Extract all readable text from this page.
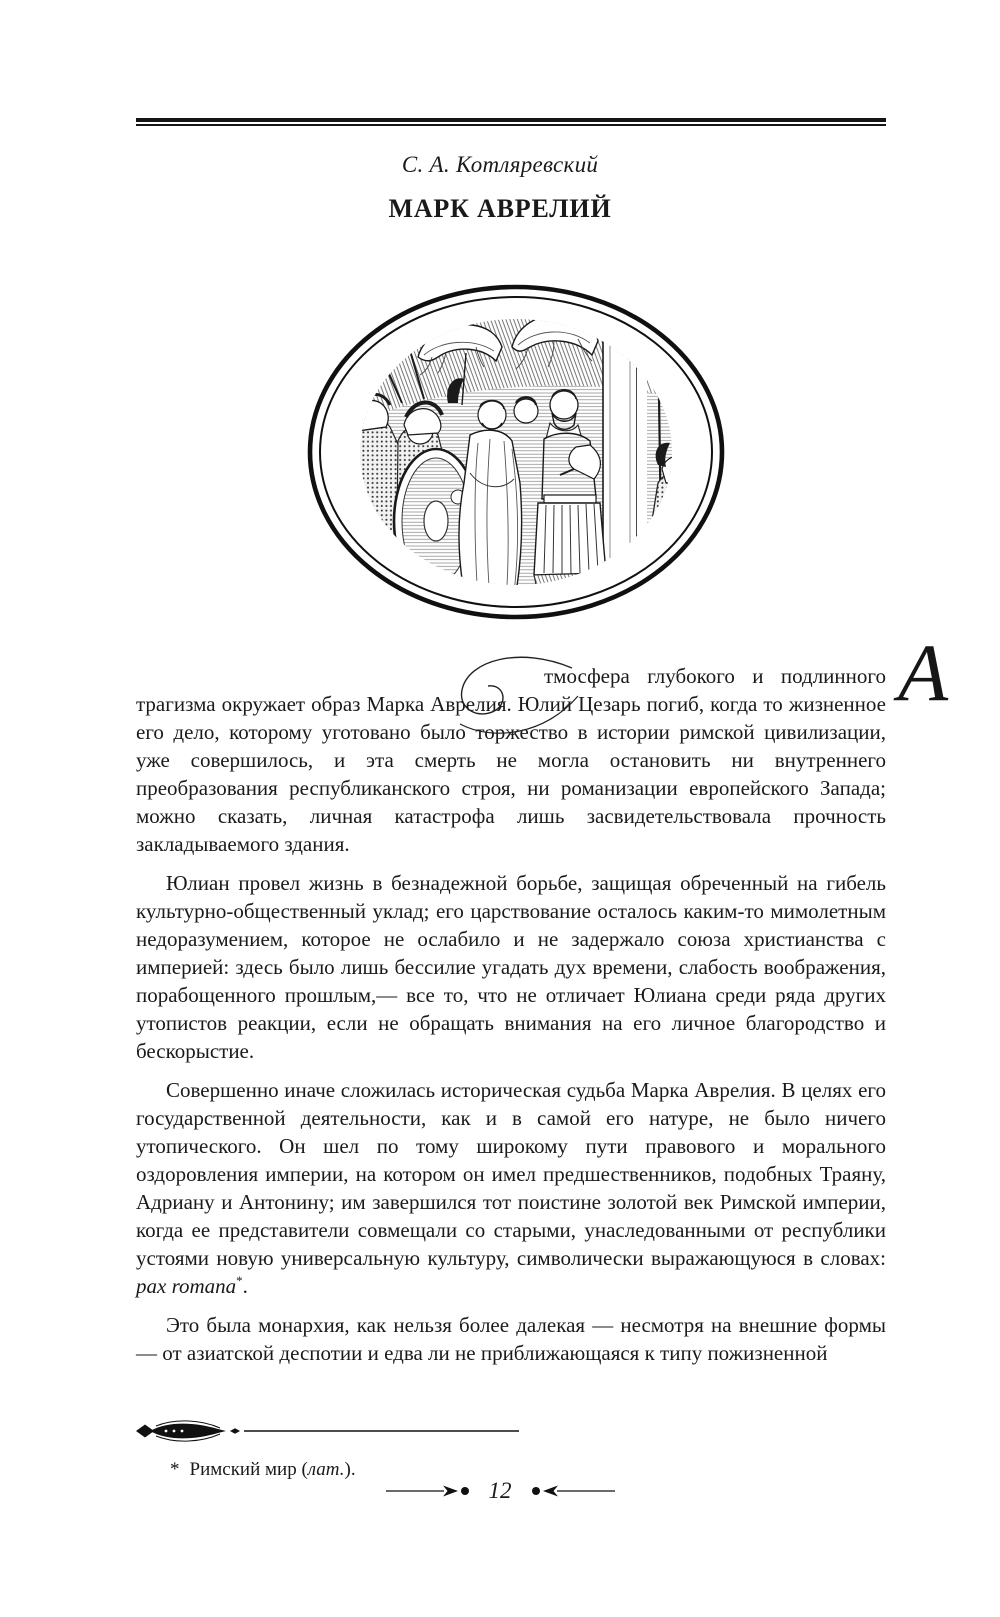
С. А. Котляревский
МАРК АВРЕЛИЙ

А
тмосфера глубокого и подлинного трагизма окружает образ Марка Аврелия. Юлий Цезарь погиб, когда то жизненное его дело, которому уготовано было торжество в истории римской цивилизации, уже совершилось, и эта смерть не могла остановить ни внутреннего преобразования республиканского строя, ни романизации европейского Запада; можно сказать, личная катастрофа лишь засвидетельствовала прочность закладываемого здания.

Юлиан провел жизнь в безнадежной борьбе, защищая обреченный на гибель культурно-общественный уклад; его царствование осталось каким-то мимолетным недоразумением, которое не ослабило и не задержало союза христианства с империей: здесь было лишь бессилие угадать дух времени, слабость воображения, порабощенного прошлым,— все то, что не отличает Юлиана среди ряда других утопистов реакции, если не обращать внимания на его личное благородство и бескорыстие.

Совершенно иначе сложилась историческая судьба Марка Аврелия. В целях его государственной деятельности, как и в самой его натуре, не было ничего утопического. Он шел по тому широкому пути правового и морального оздоровления империи, на котором он имел предшественников, подобных Траяну, Адриану и Антонину; им завершился тот поистине золотой век Римской империи, когда ее представители совмещали со старыми, унаследованными от республики устоями новую универсальную культуру, символически выражающуюся в словах: pax romana*.

Это была монархия, как нельзя более далекая — несмотря на внешние формы — от азиатской деспотии и едва ли не приближающаяся к типу пожизненной

* Римский мир (лат.).
12
